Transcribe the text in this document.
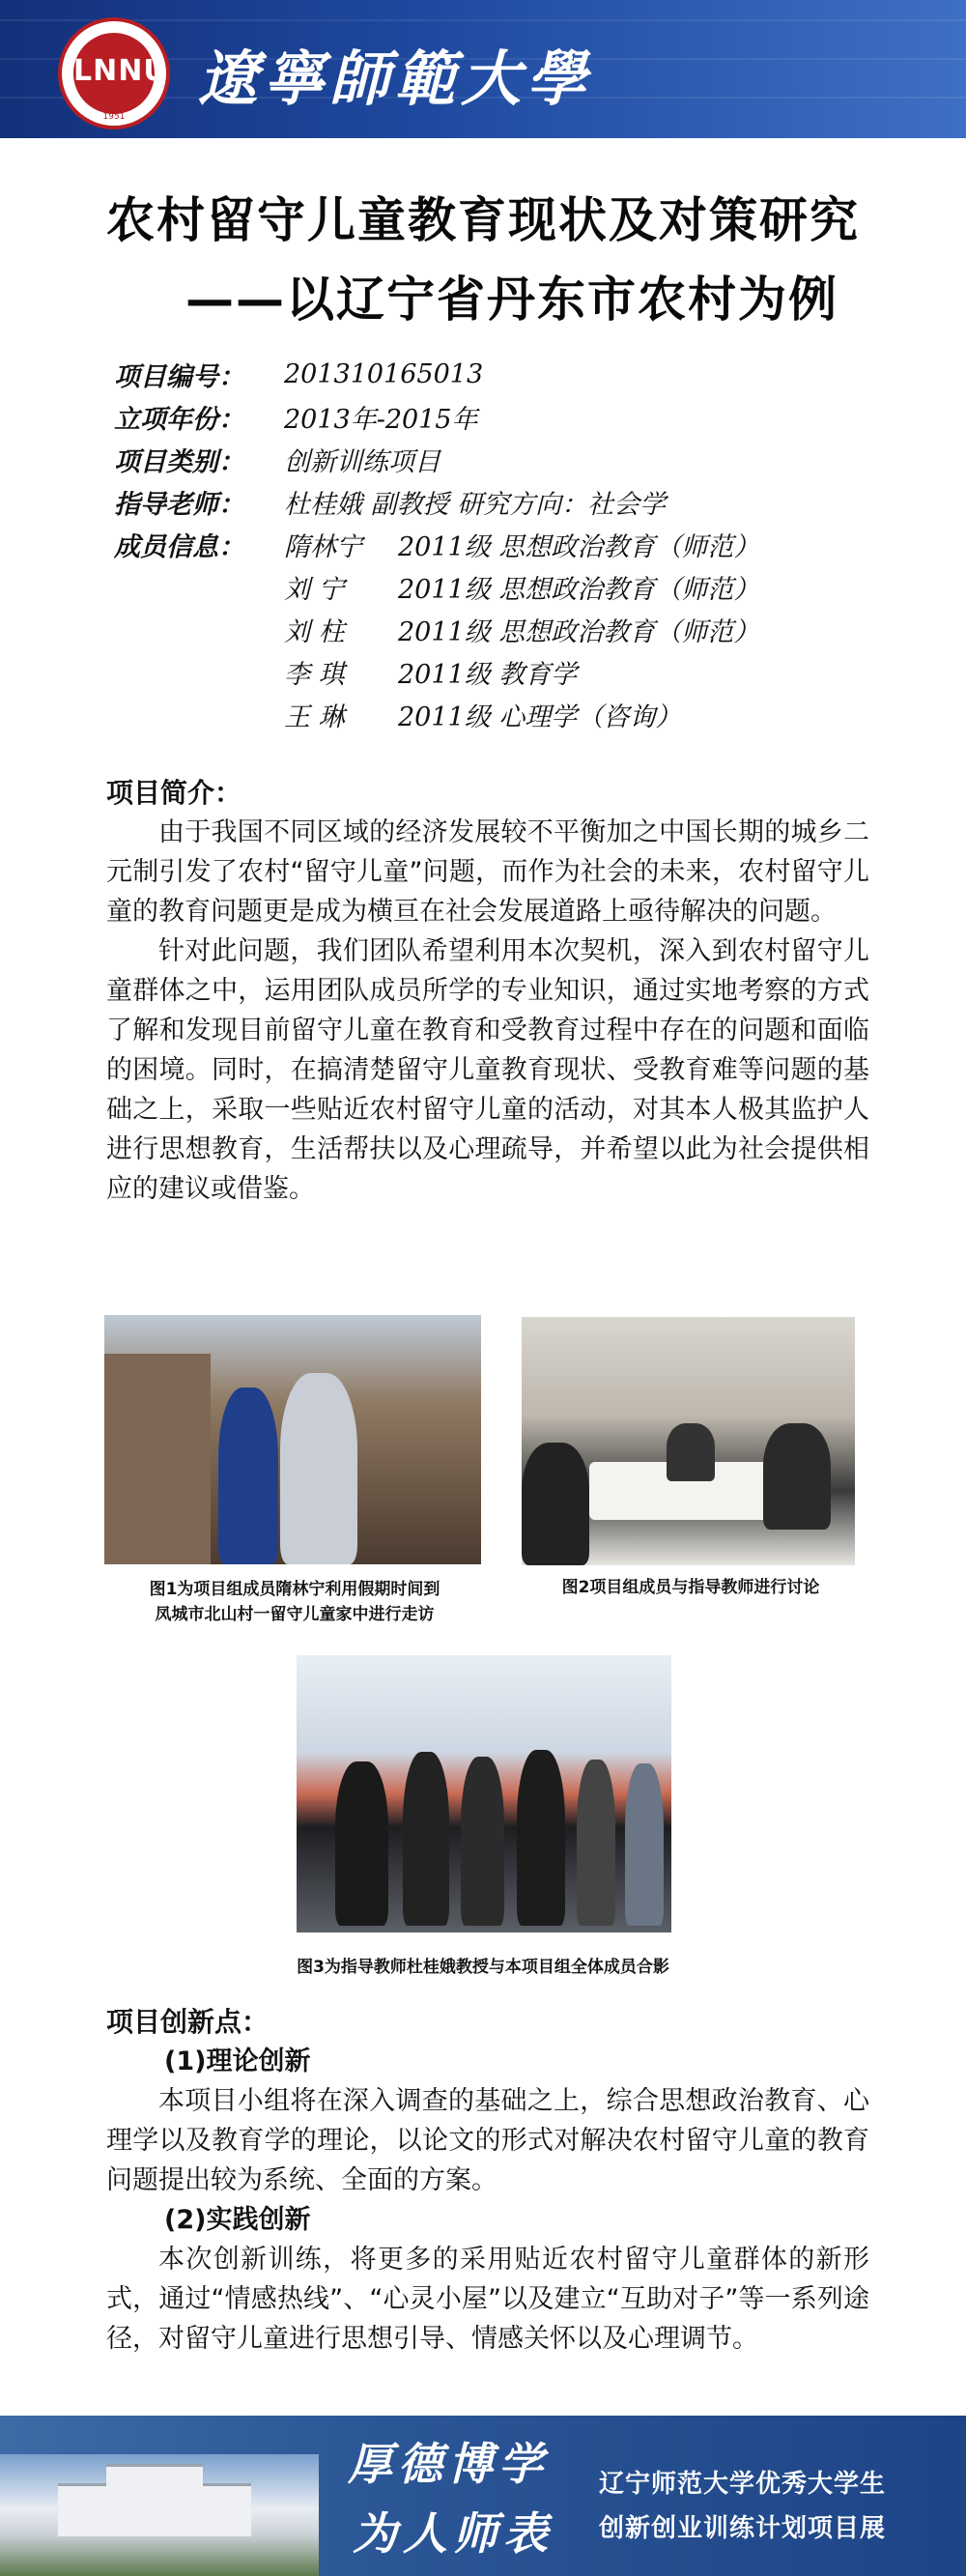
LNNU
1951
遼寧師範大學
农村留守儿童教育现状及对策研究
——以辽宁省丹东市农村为例
项目编号：	201310165013
立项年份：	2013年-2015年
项目类别：	创新训练项目
指导老师：	杜桂娥 副教授 研究方向：社会学
成员信息：	隋林宁 2011级 思想政治教育（师范）
刘 宁 2011级 思想政治教育（师范）
刘 柱 2011级 思想政治教育（师范）
李 琪 2011级 教育学
王 琳 2011级 心理学（咨询）
项目简介：

由于我国不同区域的经济发展较不平衡加之中国长期的城乡二元制引发了农村“留守儿童”问题，而作为社会的未来，农村留守儿童的教育问题更是成为横亘在社会发展道路上亟待解决的问题。

针对此问题，我们团队希望利用本次契机，深入到农村留守儿童群体之中，运用团队成员所学的专业知识，通过实地考察的方式了解和发现目前留守儿童在教育和受教育过程中存在的问题和面临的困境。同时，在搞清楚留守儿童教育现状、受教育难等问题的基础之上，采取一些贴近农村留守儿童的活动，对其本人极其监护人进行思想教育，生活帮扶以及心理疏导，并希望以此为社会提供相应的建议或借鉴。

图1为项目组成员隋林宁利用假期时间到
凤城市北山村一留守儿童家中进行走访
图2项目组成员与指导教师进行讨论
图3为指导教师杜桂娥教授与本项目组全体成员合影
项目创新点：
(1)理论创新

本项目小组将在深入调查的基础之上，综合思想政治教育、心理学以及教育学的理论，以论文的形式对解决农村留守儿童的教育问题提出较为系统、全面的方案。

(2)实践创新

本次创新训练，将更多的采用贴近农村留守儿童群体的新形式，通过“情感热线”、“心灵小屋”以及建立“互助对子”等一系列途径，对留守儿童进行思想引导、情感关怀以及心理调节。

厚德博学
为人师表
辽宁师范大学优秀大学生
创新创业训练计划项目展
